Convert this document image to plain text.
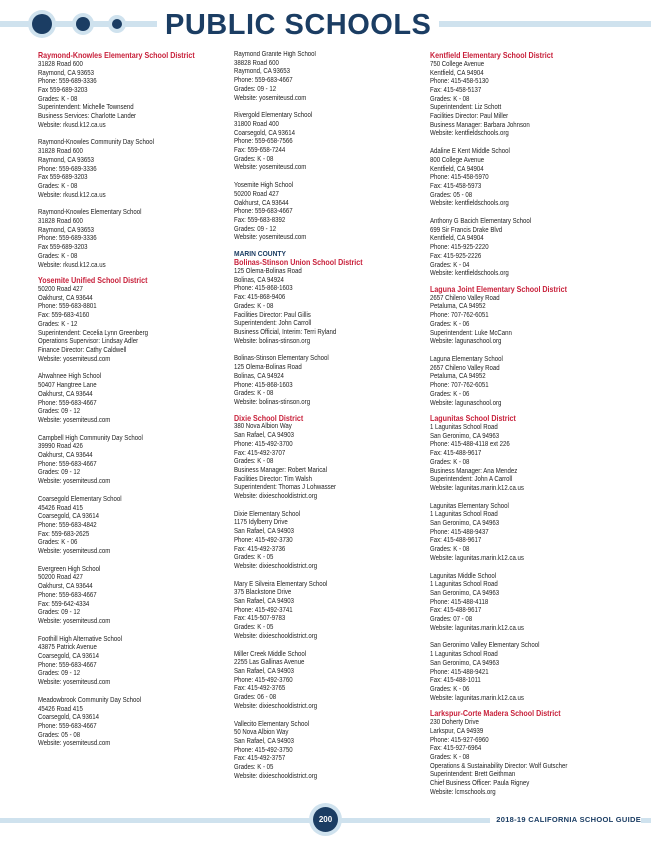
PUBLIC SCHOOLS

Raymond-Knowles Elementary School District

31828 Road 600

Raymond, CA 93653

Phone: 559-689-3336

Fax 559-689-3203

Grades: K - 08

Superintendent: Michelle Townsend

Business Services: Charlotte Lander

Website: rkusd.k12.ca.us

Raymond-Knowles Community Day School

31828 Road 600

Raymond, CA 93653

Phone: 559-689-3336

Fax 559-689-3203

Grades: K - 08

Website: rkusd.k12.ca.us

Raymond-Knowles Elementary School

31828 Road 600

Raymond, CA 93653

Phone: 559-689-3336

Fax 559-689-3203

Grades: K - 08

Website: rkusd.k12.ca.us

Yosemite Unified School District

50200 Road 427

Oakhurst, CA 93644

Phone: 559-683-8801

Fax: 559-683-4160

Grades: K - 12

Superintendent: Cecelia Lynn Greenberg

Operations Supervisor: Lindsay Adler

Finance Director: Cathy Caldwell

Website: yosemiteusd.com

Ahwahnee High School

50407 Hangtree Lane

Oakhurst, CA 93644

Phone: 559-683-4667

Grades: 09 - 12

Website: yosemiteusd.com

Campbell High Community Day School

39990 Road 426

Oakhurst, CA 93644

Phone: 559-683-4667

Grades: 09 - 12

Website: yosemiteusd.com

Coarsegold Elementary School

45426 Road 415

Coarsegold, CA 93614

Phone: 559-683-4842

Fax: 559-683-2625

Grades: K - 06

Website: yosemiteusd.com

Evergreen High School

50200 Road 427

Oakhurst, CA 93644

Phone: 559-683-4667

Fax: 559-642-4334

Grades: 09 - 12

Website: yosemiteusd.com

Foothill High Alternative School

43875 Patrick Avenue

Coarsegold, CA 93614

Phone: 559-683-4667

Grades: 09 - 12

Website: yosemiteusd.com

Meadowbrook Community Day School

45426 Road 415

Coarsegold, CA 93614

Phone: 559-683-4667

Grades: 05 - 08

Website: yosemiteusd.com

Raymond Granite High School

38828 Road 600

Raymond, CA 93653

Phone: 559-683-4667

Grades: 09 - 12

Website: yosemiteusd.com

Rivergold Elementary School

31800 Road 400

Coarsegold, CA 93614

Phone: 559-658-7566

Fax: 559-658-7244

Grades: K - 08

Website: yosemiteusd.com

Yosemite High School

50200 Road 427

Oakhurst, CA 93644

Phone: 559-683-4667

Fax: 559-683-8392

Grades: 09 - 12

Website: yosemiteusd.com

MARIN COUNTY

Bolinas-Stinson Union School District

125 Olema-Bolinas Road

Bolinas, CA 94924

Phone: 415-868-1603

Fax: 415-868-9406

Grades: K - 08

Facilities Director: Paul Gillis

Superintendent: John Carroll

Business Official, Interim: Terri Ryland

Website: bolinas-stinson.org

Bolinas-Stinson Elementary School

125 Olema-Bolinas Road

Bolinas, CA 94924

Phone: 415-868-1603

Grades: K - 08

Website: bolinas-stinson.org

Dixie School District

380 Nova Albion Way

San Rafael, CA 94903

Phone: 415-492-3700

Fax: 415-492-3707

Grades: K - 08

Business Manager: Robert Marical

Facilities Director: Tim Walsh

Superintendent: Thomas J Lohwasser

Website: dixieschooldistrict.org

Dixie Elementary School

1175 Idylberry Drive

San Rafael, CA 94903

Phone: 415-492-3730

Fax: 415-492-3736

Grades: K - 05

Website: dixieschooldistrict.org

Mary E Silveira Elementary School

375 Blackstone Drive

San Rafael, CA 94903

Phone: 415-492-3741

Fax: 415-507-9783

Grades: K - 05

Website: dixieschooldistrict.org

Miller Creek Middle School

2255 Las Gallinas Avenue

San Rafael, CA 94903

Phone: 415-492-3760

Fax: 415-492-3765

Grades: 06 - 08

Website: dixieschooldistrict.org

Vallecito Elementary School

50 Nova Albion Way

San Rafael, CA 94903

Phone: 415-492-3750

Fax: 415-492-3757

Grades: K - 05

Website: dixieschooldistrict.org

Kentfield Elementary School District

750 College Avenue

Kentfield, CA 94904

Phone: 415-458-5130

Fax: 415-458-5137

Grades: K - 08

Superintendent: Liz Schott

Facilities Director: Paul Miller

Business Manager: Barbara Johnson

Website: kentfieldschools.org

Adaline E Kent Middle School

800 College Avenue

Kentfield, CA 94904

Phone: 415-458-5970

Fax: 415-458-5973

Grades: 05 - 08

Website: kentfieldschools.org

Anthony G Bacich Elementary School

699 Sir Francis Drake Blvd

Kentfield, CA 94904

Phone: 415-925-2220

Fax: 415-925-2226

Grades: K - 04

Website: kentfieldschools.org

Laguna Joint Elementary School District

2657 Chileno Valley Road

Petaluma, CA 94952

Phone: 707-762-6051

Grades: K - 06

Superintendent: Luke McCann

Website: lagunaschool.org

Laguna Elementary School

2657 Chileno Valley Road

Petaluma, CA 94952

Phone: 707-762-6051

Grades: K - 06

Website: lagunaschool.org

Lagunitas School District

1 Lagunitas School Road

San Geronimo, CA 94963

Phone: 415-488-4118 ext 226

Fax: 415-488-9617

Grades: K - 08

Business Manager: Ana Mendez

Superintendent: John A Carroll

Website: lagunitas.marin.k12.ca.us

Lagunitas Elementary School

1 Lagunitas School Road

San Geronimo, CA 94963

Phone: 415-488-9437

Fax: 415-488-9617

Grades: K - 08

Website: lagunitas.marin.k12.ca.us

Lagunitas Middle School

1 Lagunitas School Road

San Geronimo, CA 94963

Phone: 415-488-4118

Fax: 415-488-9617

Grades: 07 - 08

Website: lagunitas.marin.k12.ca.us

San Geronimo Valley Elementary School

1 Lagunitas School Road

San Geronimo, CA 94963

Phone: 415-488-9421

Fax: 415-488-1011

Grades: K - 06

Website: lagunitas.marin.k12.ca.us

Larkspur-Corte Madera School District

230 Doherty Drive

Larkspur, CA 94939

Phone: 415-927-6960

Fax: 415-927-6964

Grades: K - 08

Operations & Sustainability Director: Wolf Gutscher

Superintendent: Brett Geithman

Chief Business Officer: Paula Rigney

Website: lcmschools.org

200	2018-19 CALIFORNIA SCHOOL GUIDE
